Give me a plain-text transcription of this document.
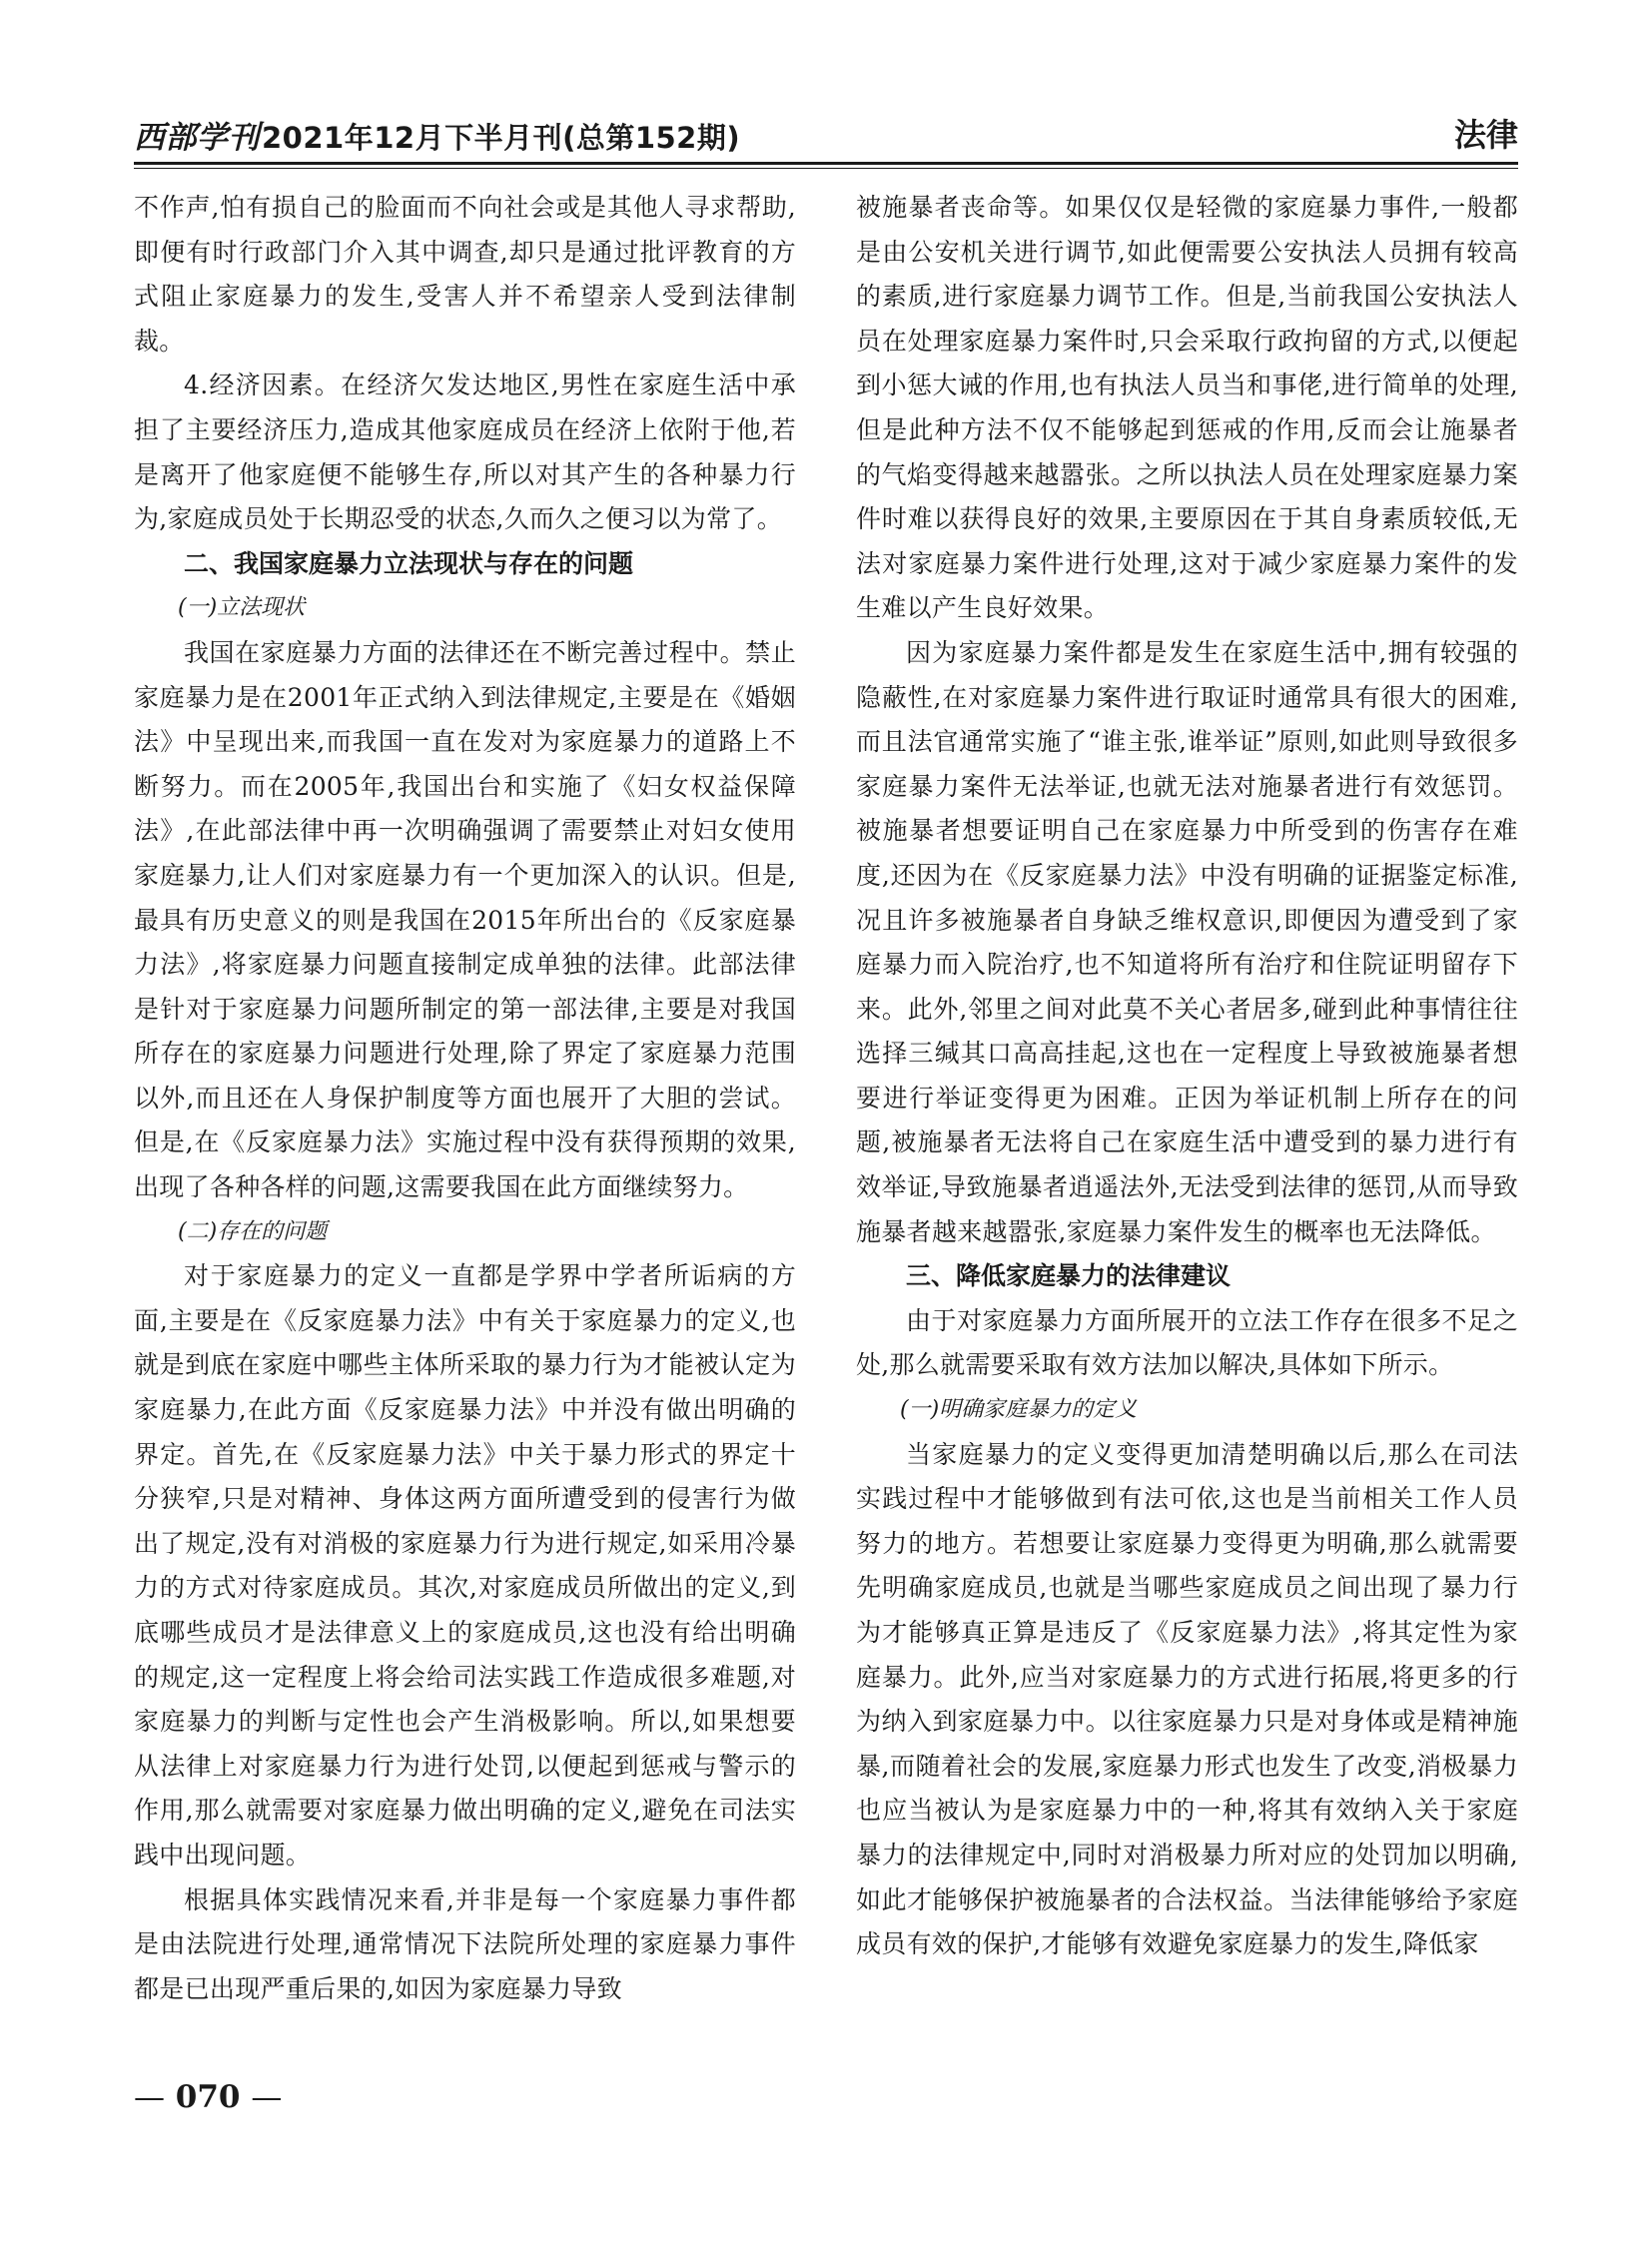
西部学刊2021年12月下半月刊(总第152期)	法律

不作声,怕有损自己的脸面而不向社会或是其他人寻求帮助,即便有时行政部门介入其中调查,却只是通过批评教育的方式阻止家庭暴力的发生,受害人并不希望亲人受到法律制裁。

4.经济因素。在经济欠发达地区,男性在家庭生活中承担了主要经济压力,造成其他家庭成员在经济上依附于他,若是离开了他家庭便不能够生存,所以对其产生的各种暴力行为,家庭成员处于长期忍受的状态,久而久之便习以为常了。

二、我国家庭暴力立法现状与存在的问题

(一)立法现状

我国在家庭暴力方面的法律还在不断完善过程中。禁止家庭暴力是在2001年正式纳入到法律规定,主要是在《婚姻法》中呈现出来,而我国一直在发对为家庭暴力的道路上不断努力。而在2005年,我国出台和实施了《妇女权益保障法》,在此部法律中再一次明确强调了需要禁止对妇女使用家庭暴力,让人们对家庭暴力有一个更加深入的认识。但是,最具有历史意义的则是我国在2015年所出台的《反家庭暴力法》,将家庭暴力问题直接制定成单独的法律。此部法律是针对于家庭暴力问题所制定的第一部法律,主要是对我国所存在的家庭暴力问题进行处理,除了界定了家庭暴力范围以外,而且还在人身保护制度等方面也展开了大胆的尝试。但是,在《反家庭暴力法》实施过程中没有获得预期的效果,出现了各种各样的问题,这需要我国在此方面继续努力。

(二)存在的问题

对于家庭暴力的定义一直都是学界中学者所诟病的方面,主要是在《反家庭暴力法》中有关于家庭暴力的定义,也就是到底在家庭中哪些主体所采取的暴力行为才能被认定为家庭暴力,在此方面《反家庭暴力法》中并没有做出明确的界定。首先,在《反家庭暴力法》中关于暴力形式的界定十分狭窄,只是对精神、身体这两方面所遭受到的侵害行为做出了规定,没有对消极的家庭暴力行为进行规定,如采用冷暴力的方式对待家庭成员。其次,对家庭成员所做出的定义,到底哪些成员才是法律意义上的家庭成员,这也没有给出明确的规定,这一定程度上将会给司法实践工作造成很多难题,对家庭暴力的判断与定性也会产生消极影响。所以,如果想要从法律上对家庭暴力行为进行处罚,以便起到惩戒与警示的作用,那么就需要对家庭暴力做出明确的定义,避免在司法实践中出现问题。

根据具体实践情况来看,并非是每一个家庭暴力事件都是由法院进行处理,通常情况下法院所处理的家庭暴力事件都是已出现严重后果的,如因为家庭暴力导致

被施暴者丧命等。如果仅仅是轻微的家庭暴力事件,一般都是由公安机关进行调节,如此便需要公安执法人员拥有较高的素质,进行家庭暴力调节工作。但是,当前我国公安执法人员在处理家庭暴力案件时,只会采取行政拘留的方式,以便起到小惩大诫的作用,也有执法人员当和事佬,进行简单的处理,但是此种方法不仅不能够起到惩戒的作用,反而会让施暴者的气焰变得越来越嚣张。之所以执法人员在处理家庭暴力案件时难以获得良好的效果,主要原因在于其自身素质较低,无法对家庭暴力案件进行处理,这对于减少家庭暴力案件的发生难以产生良好效果。

因为家庭暴力案件都是发生在家庭生活中,拥有较强的隐蔽性,在对家庭暴力案件进行取证时通常具有很大的困难,而且法官通常实施了“谁主张,谁举证”原则,如此则导致很多家庭暴力案件无法举证,也就无法对施暴者进行有效惩罚。被施暴者想要证明自己在家庭暴力中所受到的伤害存在难度,还因为在《反家庭暴力法》中没有明确的证据鉴定标准,况且许多被施暴者自身缺乏维权意识,即便因为遭受到了家庭暴力而入院治疗,也不知道将所有治疗和住院证明留存下来。此外,邻里之间对此莫不关心者居多,碰到此种事情往往选择三缄其口高高挂起,这也在一定程度上导致被施暴者想要进行举证变得更为困难。正因为举证机制上所存在的问题,被施暴者无法将自己在家庭生活中遭受到的暴力进行有效举证,导致施暴者逍遥法外,无法受到法律的惩罚,从而导致施暴者越来越嚣张,家庭暴力案件发生的概率也无法降低。

三、降低家庭暴力的法律建议

由于对家庭暴力方面所展开的立法工作存在很多不足之处,那么就需要采取有效方法加以解决,具体如下所示。

(一)明确家庭暴力的定义

当家庭暴力的定义变得更加清楚明确以后,那么在司法实践过程中才能够做到有法可依,这也是当前相关工作人员努力的地方。若想要让家庭暴力变得更为明确,那么就需要先明确家庭成员,也就是当哪些家庭成员之间出现了暴力行为才能够真正算是违反了《反家庭暴力法》,将其定性为家庭暴力。此外,应当对家庭暴力的方式进行拓展,将更多的行为纳入到家庭暴力中。以往家庭暴力只是对身体或是精神施暴,而随着社会的发展,家庭暴力形式也发生了改变,消极暴力也应当被认为是家庭暴力中的一种,将其有效纳入关于家庭暴力的法律规定中,同时对消极暴力所对应的处罚加以明确,如此才能够保护被施暴者的合法权益。当法律能够给予家庭成员有效的保护,才能够有效避免家庭暴力的发生,降低家

— 070 —
